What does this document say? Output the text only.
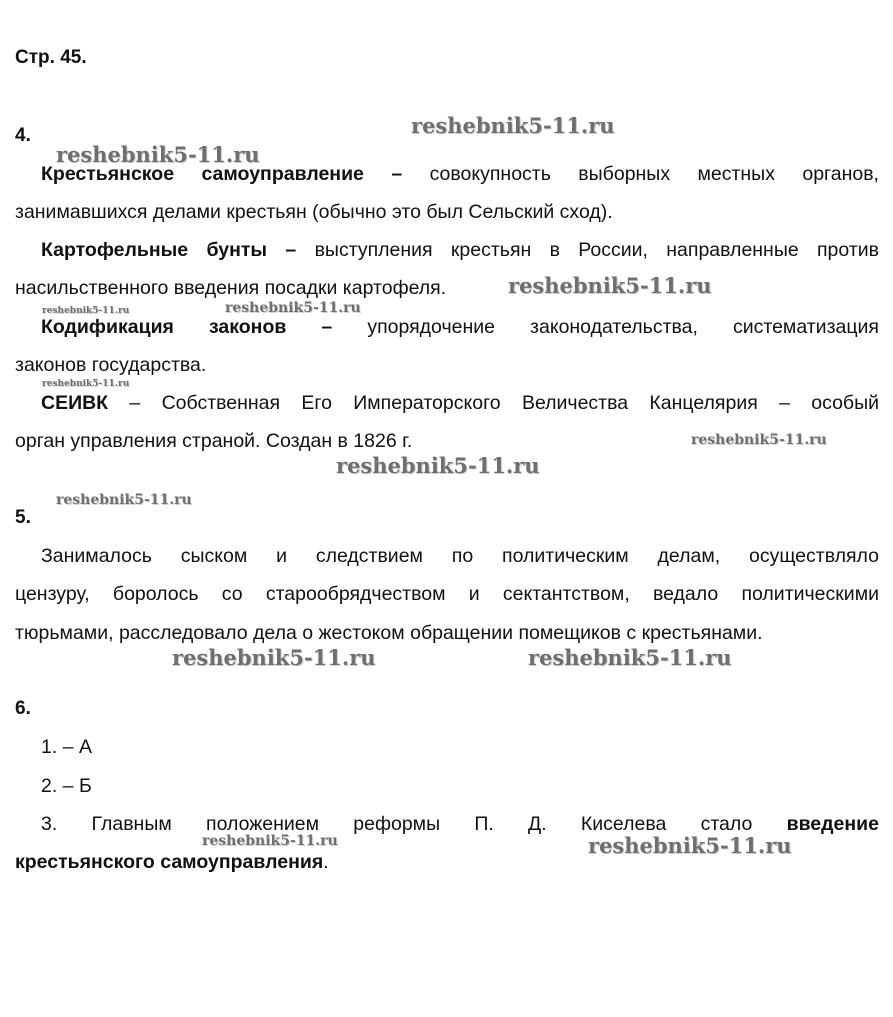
Стр. 45.
4.
Крестьянское самоуправление – совокупность выборных местных органов,
занимавшихся делами крестьян (обычно это был Сельский сход).
Картофельные бунты – выступления крестьян в России, направленные против
насильственного введения посадки картофеля.
Кодификация законов – упорядочение законодательства, систематизация
законов государства.
СЕИВК – Собственная Его Императорского Величества Канцелярия – особый
орган управления страной. Создан в 1826 г.
5.
Занималось сыском и следствием по политическим делам, осуществляло
цензуру, боролось со старообрядчеством и сектантством, ведало политическими
тюрьмами, расследовало дела о жестоком обращении помещиков с крестьянами.
6.
1. – А
2. – Б
3. Главным положением реформы П. Д. Киселева стало введение
крестьянского самоуправления.
reshebnik5-11.ru
reshebnik5-11.ru
reshebnik5-11.ru
reshebnik5-11.ru	reshebnik5-11.ru
reshebnik5-11.ru
reshebnik5-11.ru
reshebnik5-11.ru
reshebnik5-11.ru
reshebnik5-11.ru	reshebnik5-11.ru
reshebnik5-11.ru	reshebnik5-11.ru
